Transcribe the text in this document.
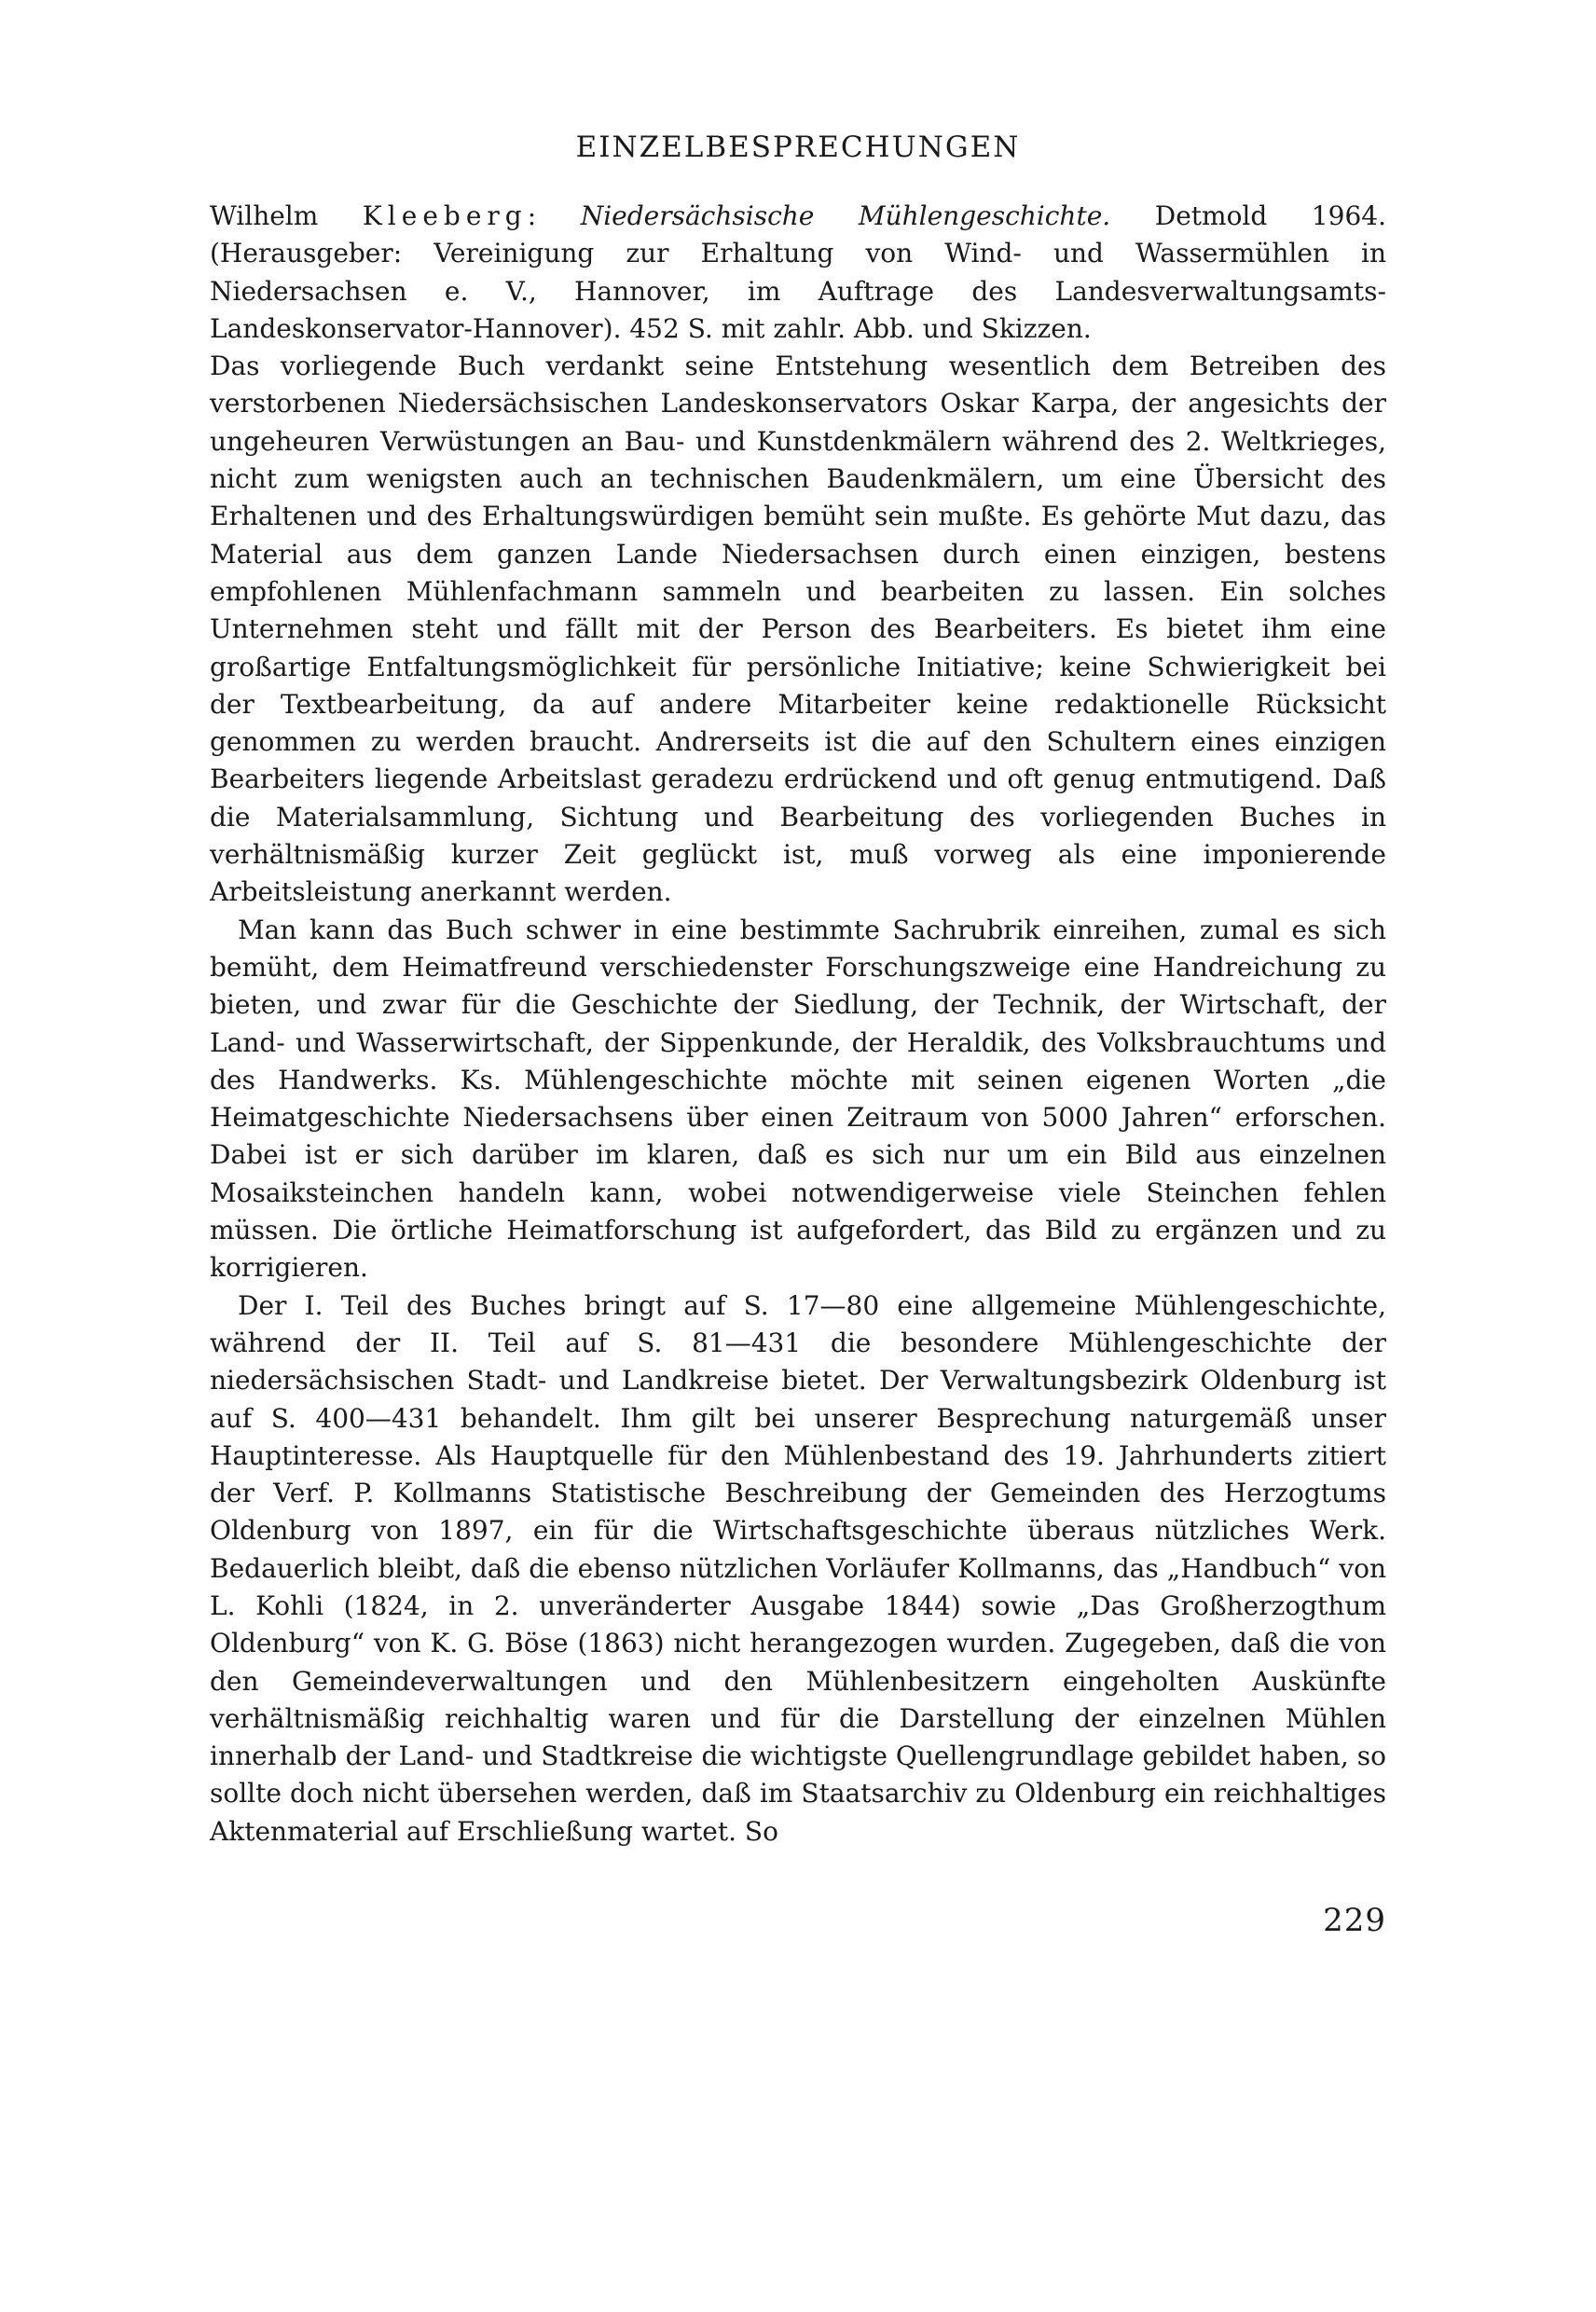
EINZELBESPRECHUNGEN

Wilhelm Kleeberg: Niedersächsische Mühlengeschichte. Detmold 1964. (Herausgeber: Vereinigung zur Erhaltung von Wind- und Wassermühlen in Niedersachsen e. V., Hannover, im Auftrage des Landesverwaltungsamts-Landeskonservator-Hannover). 452 S. mit zahlr. Abb. und Skizzen.

Das vorliegende Buch verdankt seine Entstehung wesentlich dem Betreiben des verstorbenen Niedersächsischen Landeskonservators Oskar Karpa, der angesichts der ungeheuren Verwüstungen an Bau- und Kunstdenkmälern während des 2. Weltkrieges, nicht zum wenigsten auch an technischen Baudenkmälern, um eine Übersicht des Erhaltenen und des Erhaltungswürdigen bemüht sein mußte. Es gehörte Mut dazu, das Material aus dem ganzen Lande Niedersachsen durch einen einzigen, bestens empfohlenen Mühlenfachmann sammeln und bearbeiten zu lassen. Ein solches Unternehmen steht und fällt mit der Person des Bearbeiters. Es bietet ihm eine großartige Entfaltungsmöglichkeit für persönliche Initiative; keine Schwierigkeit bei der Textbearbeitung, da auf andere Mitarbeiter keine redaktionelle Rücksicht genommen zu werden braucht. Andrerseits ist die auf den Schultern eines einzigen Bearbeiters liegende Arbeitslast geradezu erdrückend und oft genug entmutigend. Daß die Materialsammlung, Sichtung und Bearbeitung des vorliegenden Buches in verhältnismäßig kurzer Zeit geglückt ist, muß vorweg als eine imponierende Arbeitsleistung anerkannt werden.

Man kann das Buch schwer in eine bestimmte Sachrubrik einreihen, zumal es sich bemüht, dem Heimatfreund verschiedenster Forschungszweige eine Handreichung zu bieten, und zwar für die Geschichte der Siedlung, der Technik, der Wirtschaft, der Land- und Wasserwirtschaft, der Sippenkunde, der Heraldik, des Volksbrauchtums und des Handwerks. Ks. Mühlengeschichte möchte mit seinen eigenen Worten „die Heimatgeschichte Niedersachsens über einen Zeitraum von 5000 Jahren“ erforschen. Dabei ist er sich darüber im klaren, daß es sich nur um ein Bild aus einzelnen Mosaiksteinchen handeln kann, wobei notwendigerweise viele Steinchen fehlen müssen. Die örtliche Heimatforschung ist aufgefordert, das Bild zu ergänzen und zu korrigieren.

Der I. Teil des Buches bringt auf S. 17—80 eine allgemeine Mühlengeschichte, während der II. Teil auf S. 81—431 die besondere Mühlengeschichte der niedersächsischen Stadt- und Landkreise bietet. Der Verwaltungsbezirk Oldenburg ist auf S. 400—431 behandelt. Ihm gilt bei unserer Besprechung naturgemäß unser Hauptinteresse. Als Hauptquelle für den Mühlenbestand des 19. Jahrhunderts zitiert der Verf. P. Kollmanns Statistische Beschreibung der Gemeinden des Herzogtums Oldenburg von 1897, ein für die Wirtschaftsgeschichte überaus nützliches Werk. Bedauerlich bleibt, daß die ebenso nützlichen Vorläufer Kollmanns, das „Handbuch“ von L. Kohli (1824, in 2. unveränderter Ausgabe 1844) sowie „Das Großherzogthum Oldenburg“ von K. G. Böse (1863) nicht herangezogen wurden. Zugegeben, daß die von den Gemeindeverwaltungen und den Mühlenbesitzern eingeholten Auskünfte verhältnismäßig reichhaltig waren und für die Darstellung der einzelnen Mühlen innerhalb der Land- und Stadtkreise die wichtigste Quellengrundlage gebildet haben, so sollte doch nicht übersehen werden, daß im Staatsarchiv zu Oldenburg ein reichhaltiges Aktenmaterial auf Erschließung wartet. So

229
